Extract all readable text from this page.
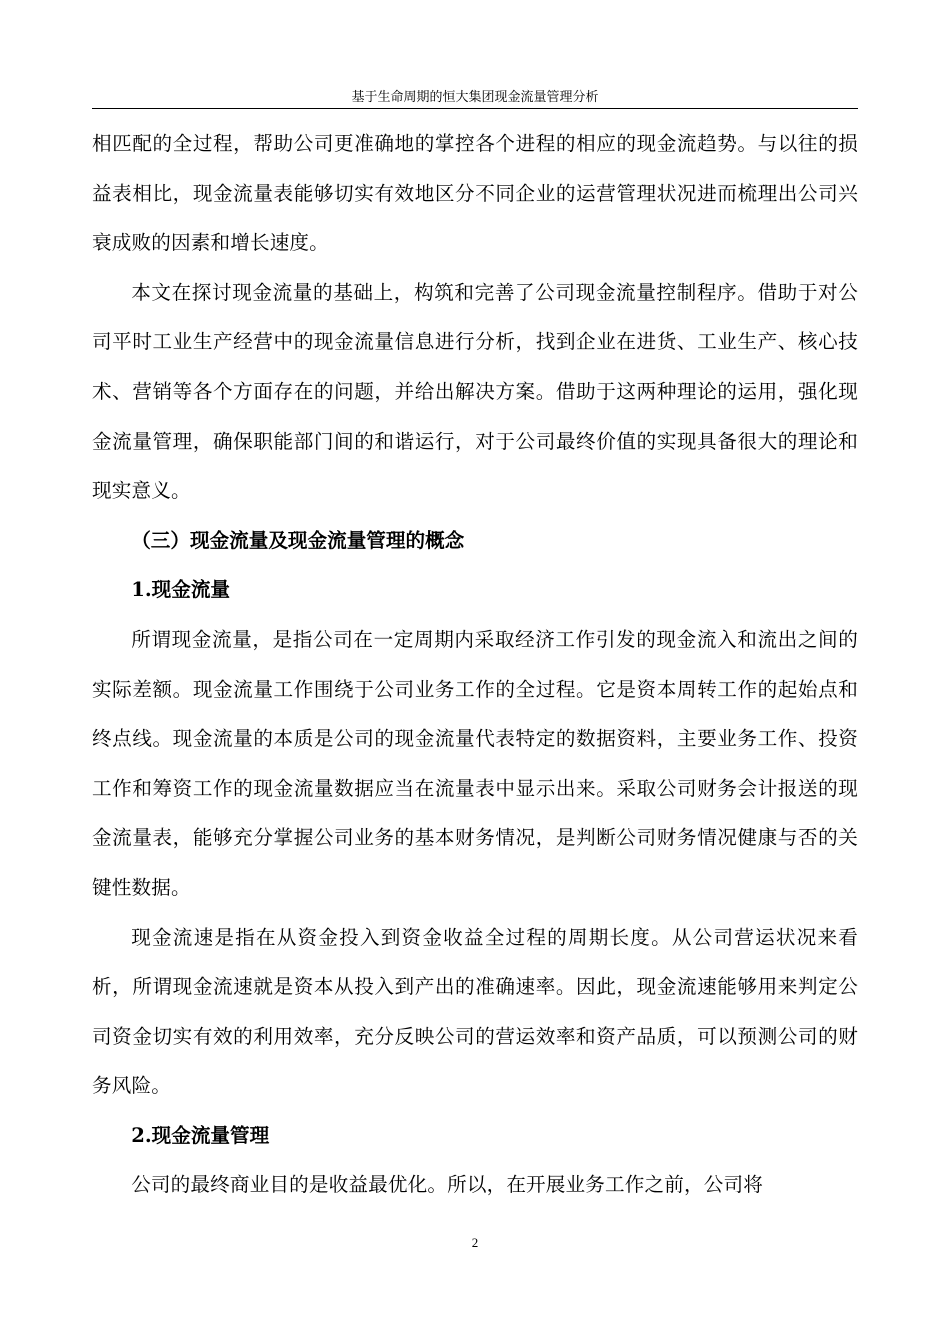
基于生命周期的恒大集团现金流量管理分析

相匹配的全过程，帮助公司更准确地的掌控各个进程的相应的现金流趋势。与以往的损益表相比，现金流量表能够切实有效地区分不同企业的运营管理状况进而梳理出公司兴衰成败的因素和增长速度。

本文在探讨现金流量的基础上，构筑和完善了公司现金流量控制程序。借助于对公司平时工业生产经营中的现金流量信息进行分析，找到企业在进货、工业生产、核心技术、营销等各个方面存在的问题，并给出解决方案。借助于这两种理论的运用，强化现金流量管理，确保职能部门间的和谐运行，对于公司最终价值的实现具备很大的理论和现实意义。

（三）现金流量及现金流量管理的概念

1.现金流量

所谓现金流量，是指公司在一定周期内采取经济工作引发的现金流入和流出之间的实际差额。现金流量工作围绕于公司业务工作的全过程。它是资本周转工作的起始点和终点线。现金流量的本质是公司的现金流量代表特定的数据资料，主要业务工作、投资工作和筹资工作的现金流量数据应当在流量表中显示出来。采取公司财务会计报送的现金流量表，能够充分掌握公司业务的基本财务情况，是判断公司财务情况健康与否的关键性数据。

现金流速是指在从资金投入到资金收益全过程的周期长度。从公司营运状况来看析，所谓现金流速就是资本从投入到产出的准确速率。因此，现金流速能够用来判定公司资金切实有效的利用效率，充分反映公司的营运效率和资产品质，可以预测公司的财务风险。

2.现金流量管理

公司的最终商业目的是收益最优化。所以，在开展业务工作之前，公司将

2
